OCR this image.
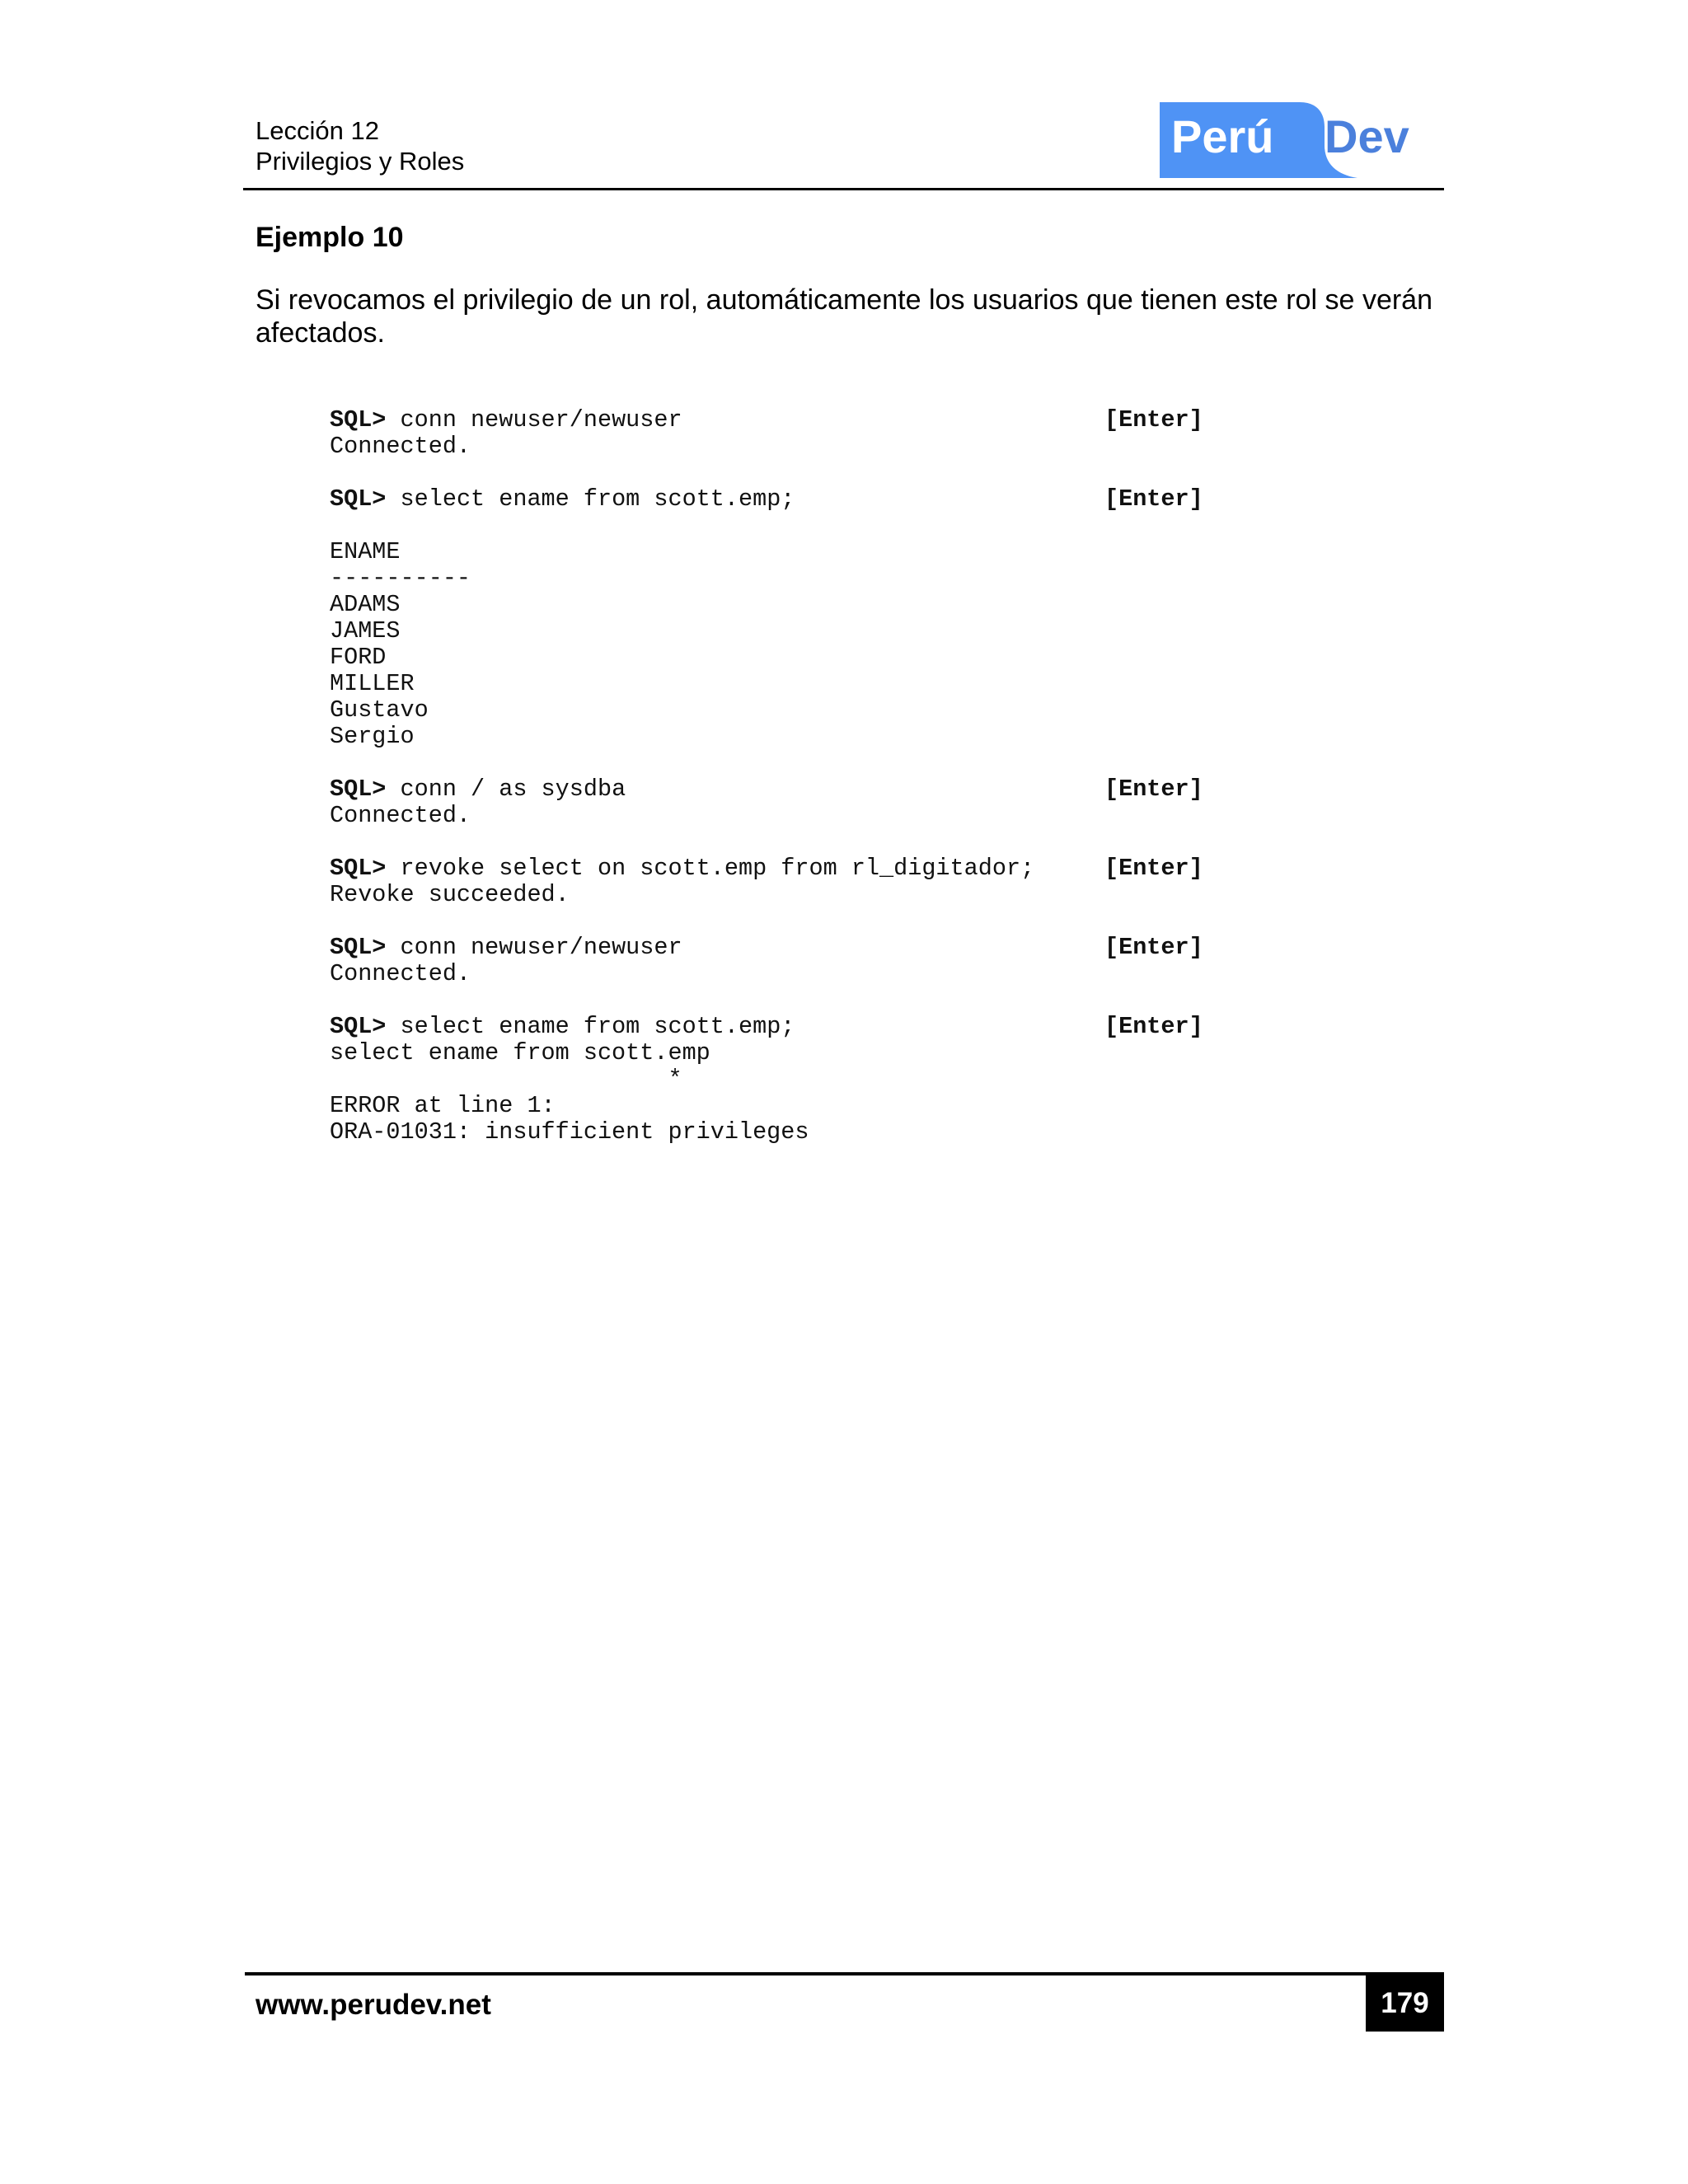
Lección 12
Privilegios y Roles	Perú Dev
Ejemplo 10
Si revocamos el privilegio de un rol, automáticamente los usuarios que tienen este rol se verán afectados.
SQL> conn newuser/newuser	[Enter]
Connected.
SQL> select ename from scott.emp;	[Enter]
ENAME
----------
ADAMS
JAMES
FORD
MILLER
Gustavo
Sergio
SQL> conn / as sysdba	[Enter]
Connected.
SQL> revoke select on scott.emp from rl_digitador;	[Enter]
Revoke succeeded.
SQL> conn newuser/newuser	[Enter]
Connected.
SQL> select ename from scott.emp;	[Enter]
select ename from scott.emp
*
ERROR at line 1:
ORA-01031: insufficient privileges
www.perudev.net	179
